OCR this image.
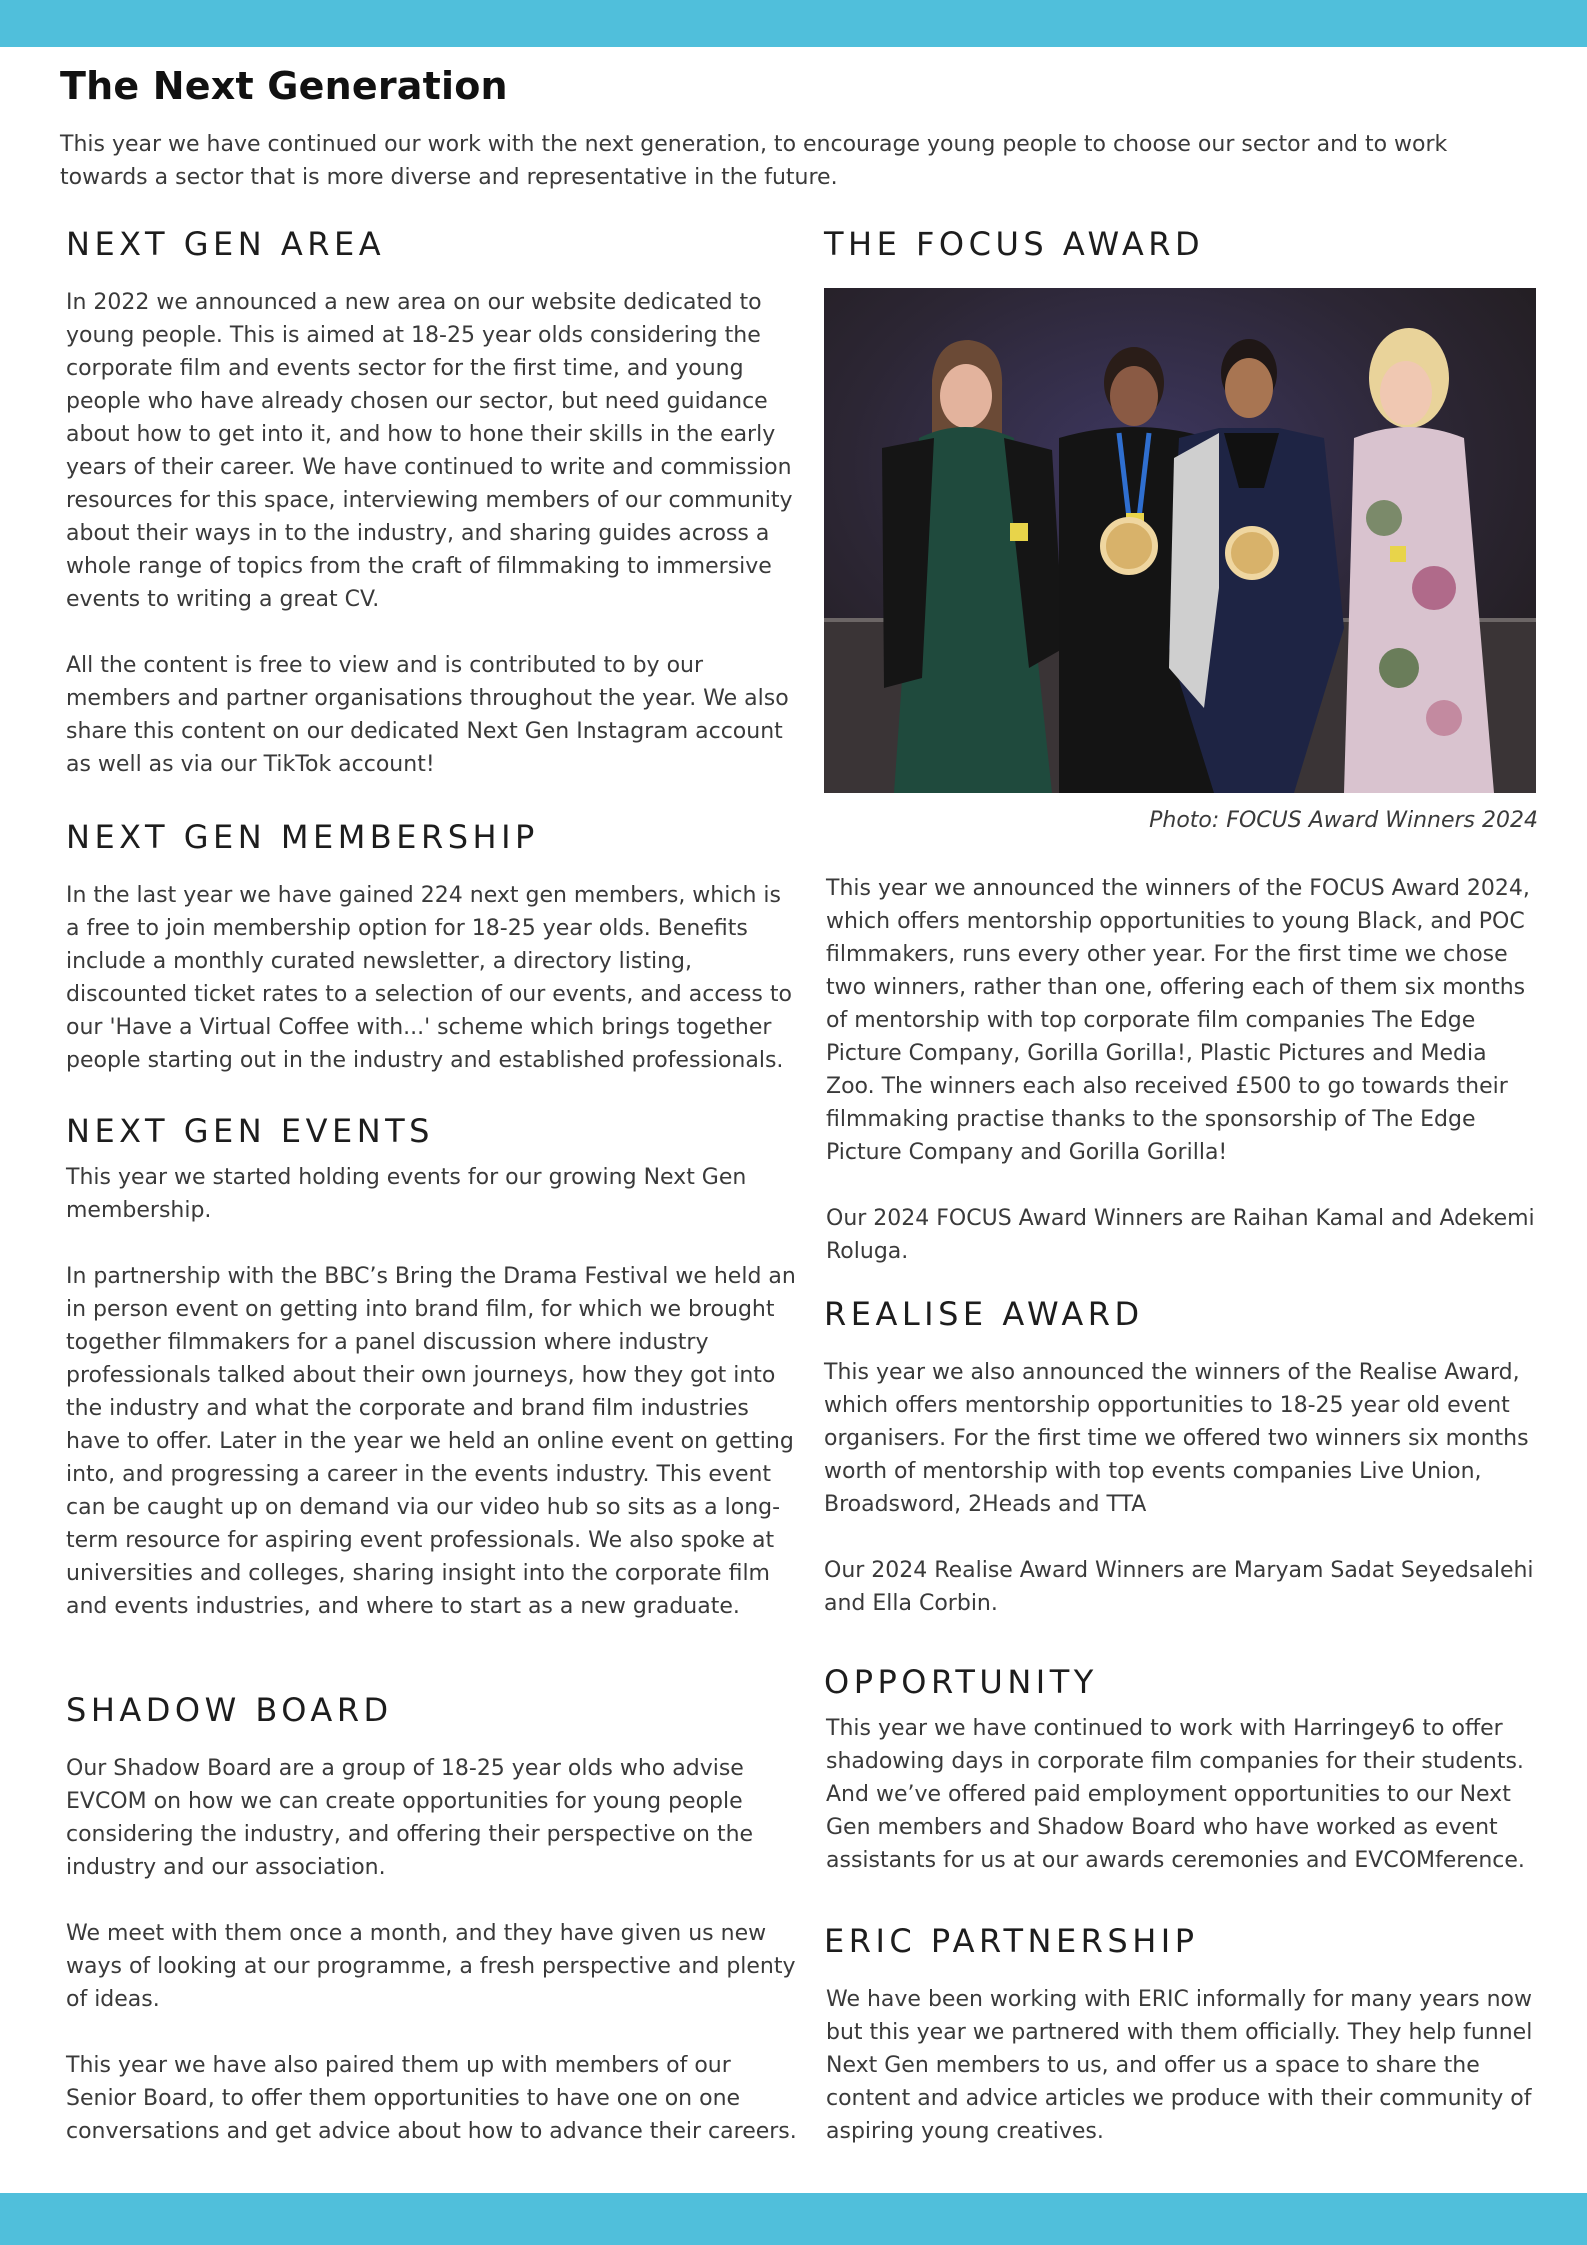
The Next Generation

This year we have continued our work with the next generation, to encourage young people to choose our sector and to work towards a sector that is more diverse and representative in the future.

NEXT GEN AREA

In 2022 we announced a new area on our website dedicated to young people. This is aimed at 18-25 year olds considering the corporate film and events sector for the first time, and young people who have already chosen our sector, but need guidance about how to get into it, and how to hone their skills in the early years of their career. We have continued to write and commission resources for this space, interviewing members of our community about their ways in to the industry, and sharing guides across a whole range of topics from the craft of filmmaking to immersive events to writing a great CV.

All the content is free to view and is contributed to by our members and partner organisations throughout the year. We also share this content on our dedicated Next Gen Instagram account as well as via our TikTok account!

NEXT GEN MEMBERSHIP

In the last year we have gained 224 next gen members, which is a free to join membership option for 18-25 year olds. Benefits include a monthly curated newsletter, a directory listing, discounted ticket rates to a selection of our events, and access to our 'Have a Virtual Coffee with...' scheme which brings together people starting out in the industry and established professionals.

NEXT GEN EVENTS

This year we started holding events for our growing Next Gen membership.

In partnership with the BBC’s Bring the Drama Festival we held an in person event on getting into brand film, for which we brought together filmmakers for a panel discussion where industry professionals talked about their own journeys, how they got into the industry and what the corporate and brand film industries have to offer. Later in the year we held an online event on getting into, and progressing a career in the events industry. This event can be caught up on demand via our video hub so sits as a long-term resource for aspiring event professionals. We also spoke at universities and colleges, sharing insight into the corporate film and events industries, and where to start as a new graduate.

SHADOW BOARD

Our Shadow Board are a group of 18-25 year olds who advise EVCOM on how we can create opportunities for young people considering the industry, and offering their perspective on the industry and our association.

We meet with them once a month, and they have given us new ways of looking at our programme, a fresh perspective and plenty of ideas.

This year we have also paired them up with members of our Senior Board, to offer them opportunities to have one on one conversations and get advice about how to advance their careers.

THE FOCUS AWARD

Photo: FOCUS Award Winners 2024

This year we announced the winners of the FOCUS Award 2024, which offers mentorship opportunities to young Black, and POC filmmakers, runs every other year. For the first time we chose two winners, rather than one, offering each of them six months of mentorship with top corporate film companies The Edge Picture Company, Gorilla Gorilla!, Plastic Pictures and Media Zoo. The winners each also received £500 to go towards their filmmaking practise thanks to the sponsorship of The Edge Picture Company and Gorilla Gorilla!

Our 2024 FOCUS Award Winners are Raihan Kamal and Adekemi Roluga.

REALISE AWARD

This year we also announced the winners of the Realise Award, which offers mentorship opportunities to 18-25 year old event organisers. For the first time we offered two winners six months worth of mentorship with top events companies Live Union, Broadsword, 2Heads and TTA

Our 2024 Realise Award Winners are Maryam Sadat Seyedsalehi and Ella Corbin.

OPPORTUNITY

This year we have continued to work with Harringey6 to offer shadowing days in corporate film companies for their students. And we’ve offered paid employment opportunities to our Next Gen members and Shadow Board who have worked as event assistants for us at our awards ceremonies and EVCOMference.

ERIC PARTNERSHIP

We have been working with ERIC informally for many years now but this year we partnered with them officially. They help funnel Next Gen members to us, and offer us a space to share the content and advice articles we produce with their community of aspiring young creatives.
